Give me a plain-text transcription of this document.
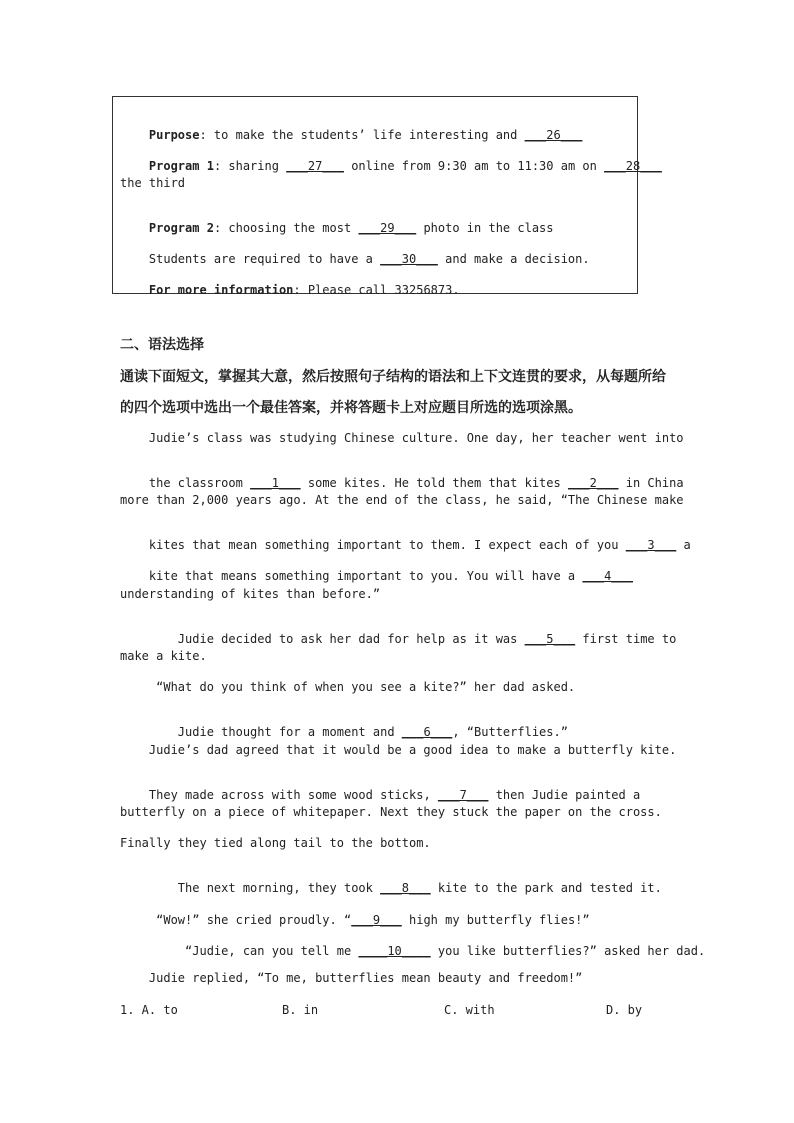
Purpose: to make the students’ life interesting and ___26___

Program 1: sharing ___27___ online from 9:30 am to 11:30 am on ___28___

the third

Program 2: choosing the most ___29___ photo in the class

Students are required to have a ___30___ and make a decision.

For more information: Please call 33256873.

二、语法选择
通读下面短文，掌握其大意，然后按照句子结构的语法和上下文连贯的要求，从每题所给
的四个选项中选出一个最佳答案，并将答题卡上对应题目所选的选项涂黑。
Judie’s class was studying Chinese culture. One day, her teacher went into

the classroom ___1___ some kites. He told them that kites ___2___ in China

more than 2,000 years ago. At the end of the class, he said, “The Chinese make

kites that mean something important to them. I expect each of you ___3___ a

kite that means something important to you. You will have a ___4___

understanding of kites than before.”

Judie decided to ask her dad for help as it was ___5___ first time to

make a kite.
“What do you think of when you see a kite?” her dad asked.

Judie thought for a moment and ___6___, “Butterflies.”

Judie’s dad agreed that it would be a good idea to make a butterfly kite.

They made across with some wood sticks, ___7___ then Judie painted a

butterfly on a piece of whitepaper. Next they stuck the paper on the cross.
Finally they tied along tail to the bottom.

The next morning, they took ___8___ kite to the park and tested it.

“Wow!” she cried proudly. “___9___ high my butterfly flies!”

“Judie, can you tell me ____10____ you like butterflies?” asked her dad.

Judie replied, “To me, butterflies mean beauty and freedom!”
1. A. to	B. in	C. with	D. by
